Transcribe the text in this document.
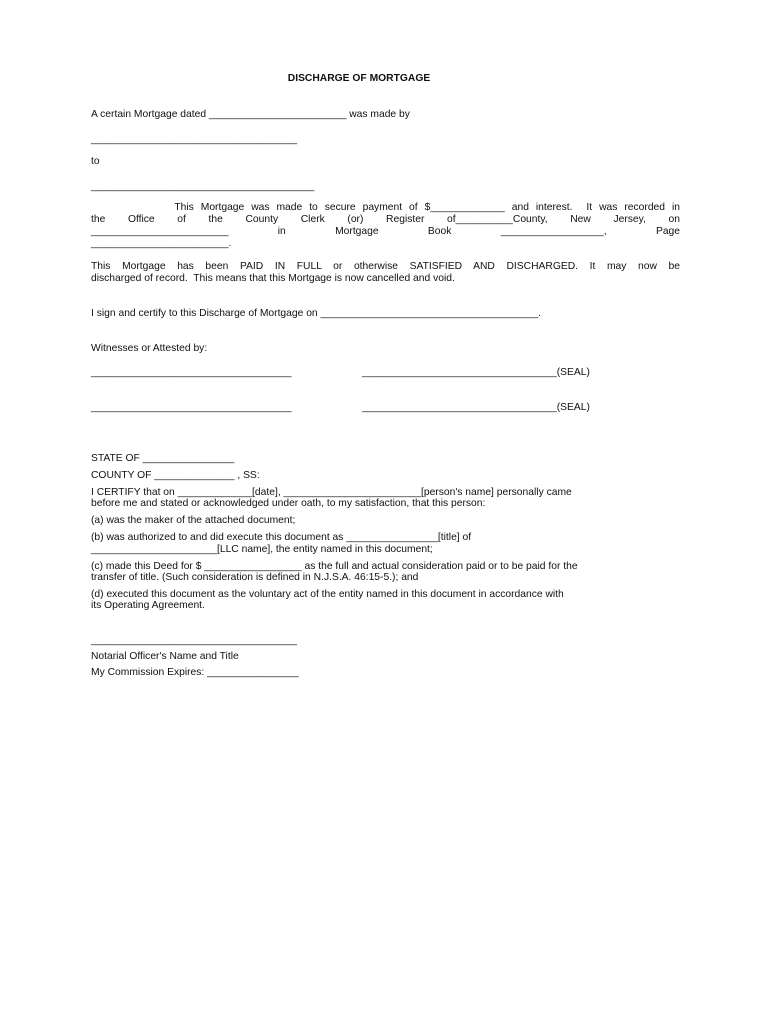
DISCHARGE OF MORTGAGE
A certain Mortgage dated ________________________ was made by
____________________________________
to
_______________________________________
This Mortgage was made to secure payment of $_____________ and interest.  It was recorded in
the Office of the County Clerk (or) Register of__________County, New Jersey, on
________________________ in Mortgage Book __________________, Page
________________________.
This Mortgage has been PAID IN FULL or otherwise SATISFIED AND DISCHARGED. It may now be
discharged of record.  This means that this Mortgage is now cancelled and void.
I sign and certify to this Discharge of Mortgage on ______________________________________.
Witnesses or Attested by:
___________________________________	__________________________________(SEAL)
___________________________________	__________________________________(SEAL)
STATE OF ________________
COUNTY OF ______________ , SS:
I CERTIFY that on _____________[date], ________________________[person's name] personally came
before me and stated or acknowledged under oath, to my satisfaction, that this person:
(a) was the maker of the attached document;
(b) was authorized to and did execute this document as ________________[title] of
______________________[LLC name], the entity named in this document;
(c) made this Deed for $ _________________ as the full and actual consideration paid or to be paid for the
transfer of title. (Such consideration is defined in N.J.S.A. 46:15-5.); and
(d) executed this document as the voluntary act of the entity named in this document in accordance with
its Operating Agreement.
____________________________________
Notarial Officer's Name and Title
My Commission Expires: ________________
